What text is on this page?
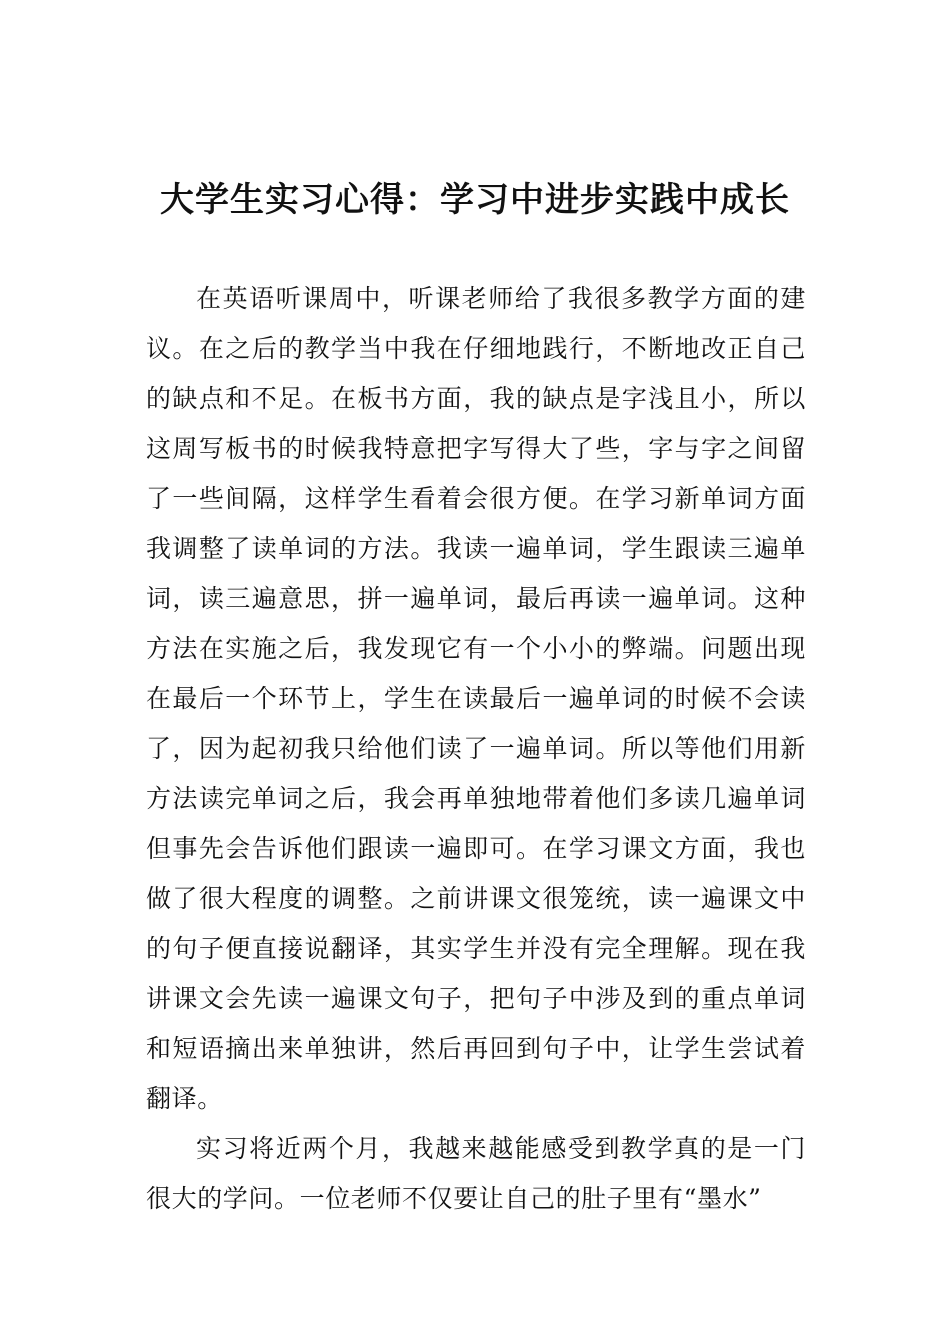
大学生实习心得：学习中进步实践中成长

在英语听课周中，听课老师给了我很多教学方面的建议。在之后的教学当中我在仔细地践行，不断地改正自己的缺点和不足。在板书方面，我的缺点是字浅且小，所以这周写板书的时候我特意把字写得大了些，字与字之间留了一些间隔，这样学生看着会很方便。在学习新单词方面我调整了读单词的方法。我读一遍单词，学生跟读三遍单词，读三遍意思，拼一遍单词，最后再读一遍单词。这种方法在实施之后，我发现它有一个小小的弊端。问题出现在最后一个环节上，学生在读最后一遍单词的时候不会读了，因为起初我只给他们读了一遍单词。所以等他们用新方法读完单词之后，我会再单独地带着他们多读几遍单词但事先会告诉他们跟读一遍即可。在学习课文方面，我也做了很大程度的调整。之前讲课文很笼统，读一遍课文中的句子便直接说翻译，其实学生并没有完全理解。现在我讲课文会先读一遍课文句子，把句子中涉及到的重点单词和短语摘出来单独讲，然后再回到句子中，让学生尝试着翻译。

实习将近两个月，我越来越能感受到教学真的是一门很大的学问。一位老师不仅要让自己的肚子里有“墨水”
